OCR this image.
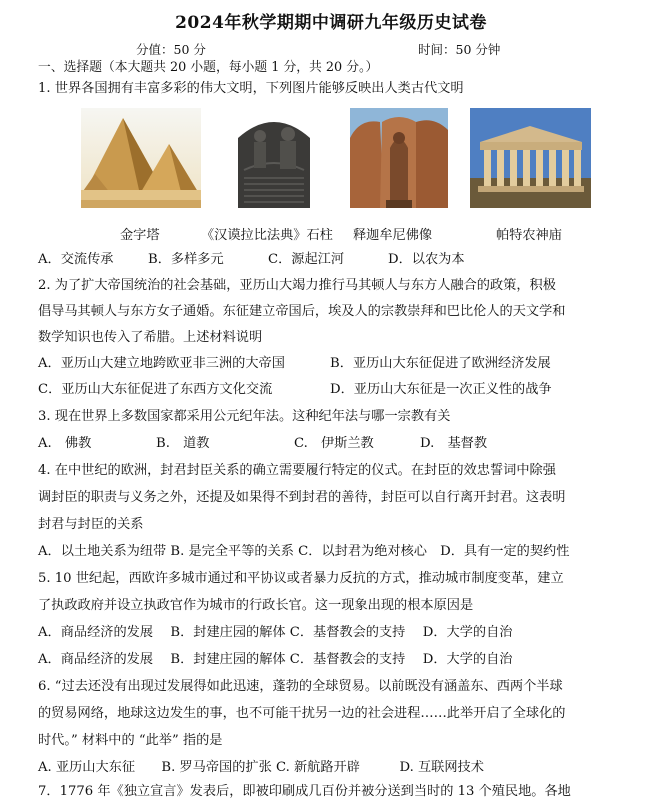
2024年秋学期期中调研九年级历史试卷
分值：50 分	时间：50 分钟
一、选择题（本大题共 20 小题，每小题 1 分，共 20 分。）
1. 世界各国拥有丰富多彩的伟大文明，下列图片能够反映出人类古代文明
金字塔	《汉谟拉比法典》石柱 释迦牟尼佛像	帕特农神庙
A．交流传承	B．多样多元	C．源起江河	D．以农为本
2. 为了扩大帝国统治的社会基础，亚历山大竭力推行马其顿人与东方人融合的政策，积极
倡导马其顿人与东方女子通婚。东征建立帝国后，埃及人的宗教崇拜和巴比伦人的天文学和
数学知识也传入了希腊。上述材料说明
A．亚历山大建立地跨欧亚非三洲的大帝国	B．亚历山大东征促进了欧洲经济发展
C．亚历山大东征促进了东西方文化交流	D．亚历山大东征是一次正义性的战争
3. 现在世界上多数国家都采用公元纪年法。这种纪年法与哪一宗教有关
A.　佛教	B.　道教	C.　伊斯兰教	D.　基督教
4. 在中世纪的欧洲，封君封臣关系的确立需要履行特定的仪式。在封臣的效忠誓词中除强
调封臣的职责与义务之外，还提及如果得不到封君的善待，封臣可以自行离开封君。这表明
封君与封臣的关系
A．以土地关系为纽带 B. 是完全平等的关系 C．以封君为绝对核心　D．具有一定的契约性
5. 10 世纪起，西欧许多城市通过和平协议或者暴力反抗的方式，推动城市制度变革，建立
了执政政府并设立执政官作为城市的行政长官。这一现象出现的根本原因是
A．商品经济的发展　 B．封建庄园的解体 C．基督教会的支持　 D．大学的自治
A．商品经济的发展　 B．封建庄园的解体 C．基督教会的支持　 D．大学的自治
6. “过去还没有出现过发展得如此迅速，蓬勃的全球贸易。以前既没有涵盖东、西两个半球
的贸易网络，地球这边发生的事，也不可能干扰另一边的社会进程……此举开启了全球化的
时代。” 材料中的 “此举” 指的是
A. 亚历山大东征　　B. 罗马帝国的扩张 C. 新航路开辟　　　D. 互联网技术
7．1776 年《独立宣言》发表后，即被印刷成几百份并被分送到当时的 13 个殖民地。各地
